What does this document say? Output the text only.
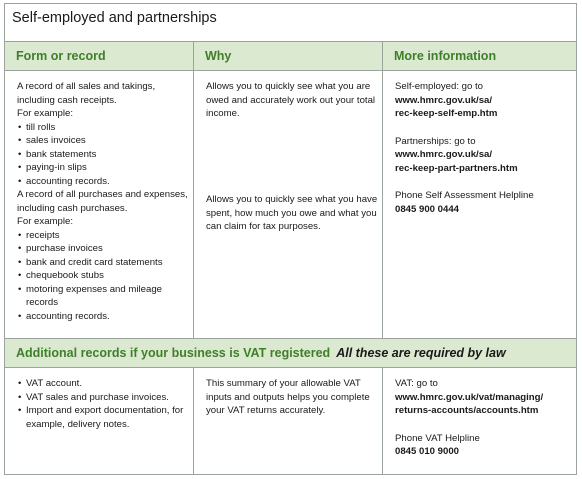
Self-employed and partnerships
Form or record	Why	More information

A record of all sales and takings, including cash receipts.

For example:

• till rolls
• sales invoices
• bank statements
• paying-in slips
• accounting records.

A record of all purchases and expenses, including cash purchases.

For example:

• receipts
• purchase invoices
• bank and credit card statements
• chequebook stubs
• motoring expenses and mileage records
• accounting records.
Allows you to quickly see what you are owed and accurately work out your total income.
Allows you to quickly see what you have spent, how much you owe and what you can claim for tax purposes.

Self-employed: go to

www.hmrc.gov.uk/sa/

rec-keep-self-emp.htm

Partnerships: go to

www.hmrc.gov.uk/sa/

rec-keep-part-partners.htm

Phone Self Assessment Helpline

0845 900 0444

Additional records if your business is VAT registered All these are required by law
• VAT account.
• VAT sales and purchase invoices.
• Import and export documentation, for example, delivery notes.
This summary of your allowable VAT inputs and outputs helps you complete your VAT returns accurately.

VAT: go to

www.hmrc.gov.uk/vat/managing/

returns-accounts/accounts.htm

Phone VAT Helpline

0845 010 9000
